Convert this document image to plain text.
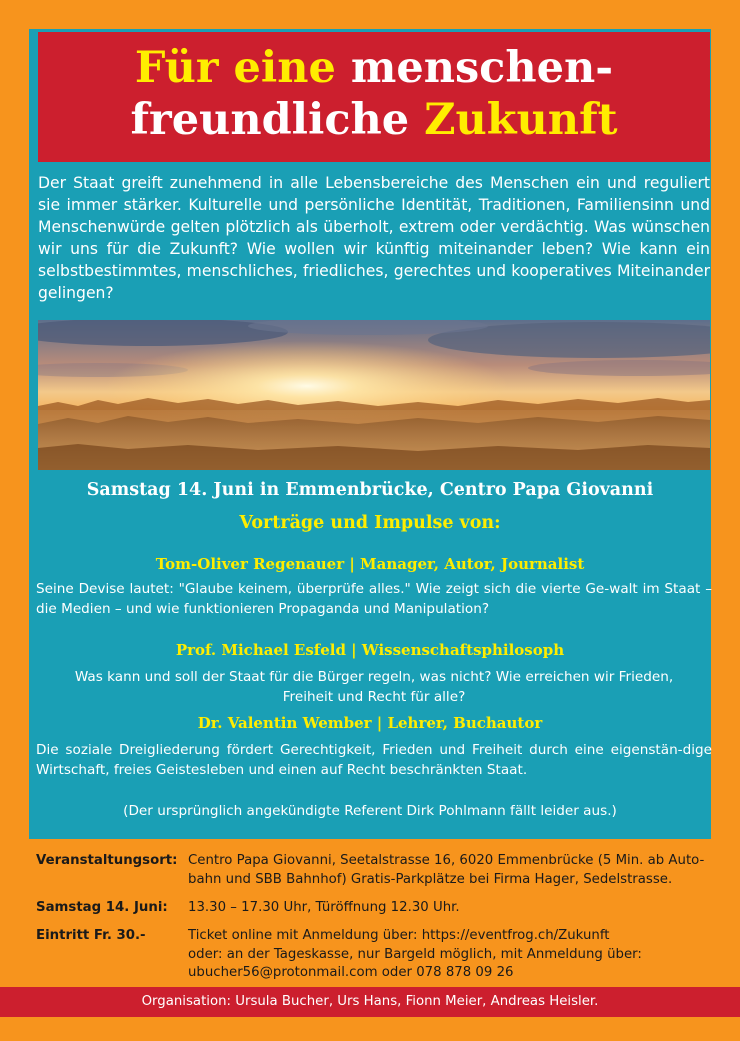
Für eine menschen-
freundliche Zukunft
Der Staat greift zunehmend in alle Lebensbereiche des Menschen ein und reguliert sie immer stärker. Kulturelle und persönliche Identität, Traditionen, Familiensinn und Menschenwürde gelten plötzlich als überholt, extrem oder verdächtig. Was wünschen wir uns für die Zukunft? Wie wollen wir künftig miteinander leben? Wie kann ein selbstbestimmtes, menschliches, friedliches, gerechtes und kooperatives Miteinander gelingen?
Samstag 14. Juni in Emmenbrücke, Centro Papa Giovanni
Vorträge und Impulse von:
Tom-Oliver Regenauer | Manager, Autor, Journalist
Seine Devise lautet: "Glaube keinem, überprüfe alles." Wie zeigt sich die vierte Ge-walt im Staat – die Medien – und wie funktionieren Propaganda und Manipulation?
Prof. Michael Esfeld | Wissenschaftsphilosoph
Was kann und soll der Staat für die Bürger regeln, was nicht? Wie erreichen wir Frieden,
Freiheit und Recht für alle?
Dr. Valentin Wember | Lehrer, Buchautor
Die soziale Dreigliederung fördert Gerechtigkeit, Frieden und Freiheit durch eine eigenstän-dige Wirtschaft, freies Geistesleben und einen auf Recht beschränkten Staat.
(Der ursprünglich angekündigte Referent Dirk Pohlmann fällt leider aus.)
Veranstaltungsort: Centro Papa Giovanni, Seetalstrasse 16, 6020 Emmenbrücke (5 Min. ab Auto-
bahn und SBB Bahnhof) Gratis-Parkplätze bei Firma Hager, Sedelstrasse.
Samstag 14. Juni: 13.30 – 17.30 Uhr, Türöffnung 12.30 Uhr.
Eintritt Fr. 30.-	Ticket online mit Anmeldung über: https://eventfrog.ch/Zukunft
oder: an der Tageskasse, nur Bargeld möglich, mit Anmeldung über:
ubucher56@protonmail.com oder 078 878 09 26
Organisation: Ursula Bucher, Urs Hans, Fionn Meier, Andreas Heisler.
